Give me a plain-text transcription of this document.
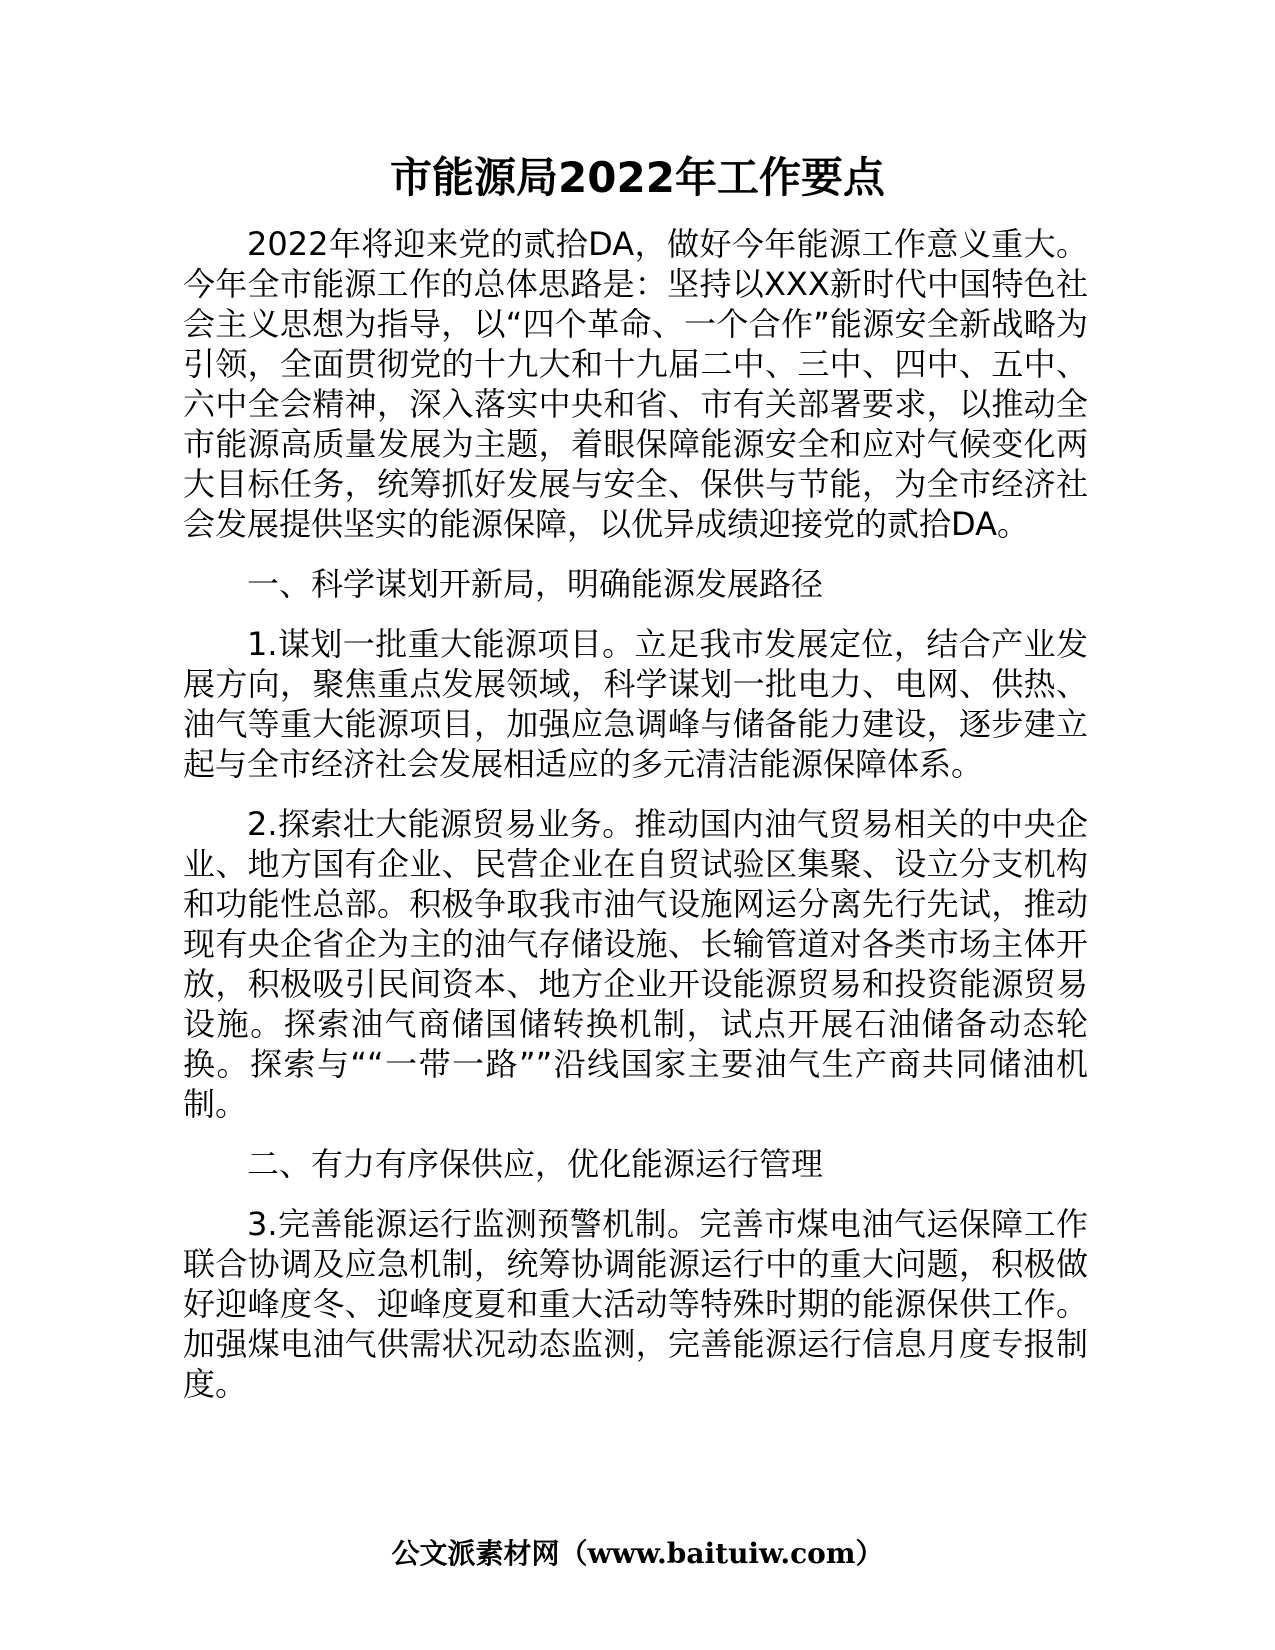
市能源局2022年工作要点

2022年将迎来党的贰拾DA，做好今年能源工作意义重大。今年全市能源工作的总体思路是：坚持以XXX新时代中国特色社会主义思想为指导，以“四个革命、一个合作”能源安全新战略为引领，全面贯彻党的十九大和十九届二中、三中、四中、五中、六中全会精神，深入落实中央和省、市有关部署要求，以推动全市能源高质量发展为主题，着眼保障能源安全和应对气候变化两大目标任务，统筹抓好发展与安全、保供与节能，为全市经济社会发展提供坚实的能源保障，以优异成绩迎接党的贰拾DA。

一、科学谋划开新局，明确能源发展路径

1.谋划一批重大能源项目。立足我市发展定位，结合产业发展方向，聚焦重点发展领域，科学谋划一批电力、电网、供热、油气等重大能源项目，加强应急调峰与储备能力建设，逐步建立起与全市经济社会发展相适应的多元清洁能源保障体系。

2.探索壮大能源贸易业务。推动国内油气贸易相关的中央企业、地方国有企业、民营企业在自贸试验区集聚、设立分支机构和功能性总部。积极争取我市油气设施网运分离先行先试，推动现有央企省企为主的油气存储设施、长输管道对各类市场主体开放，积极吸引民间资本、地方企业开设能源贸易和投资能源贸易设施。探索油气商储国储转换机制，试点开展石油储备动态轮换。探索与““一带一路””沿线国家主要油气生产商共同储油机制。

二、有力有序保供应，优化能源运行管理

3.完善能源运行监测预警机制。完善市煤电油气运保障工作联合协调及应急机制，统筹协调能源运行中的重大问题，积极做好迎峰度冬、迎峰度夏和重大活动等特殊时期的能源保供工作。加强煤电油气供需状况动态监测，完善能源运行信息月度专报制度。

公文派素材网（www.baituiw.com）
